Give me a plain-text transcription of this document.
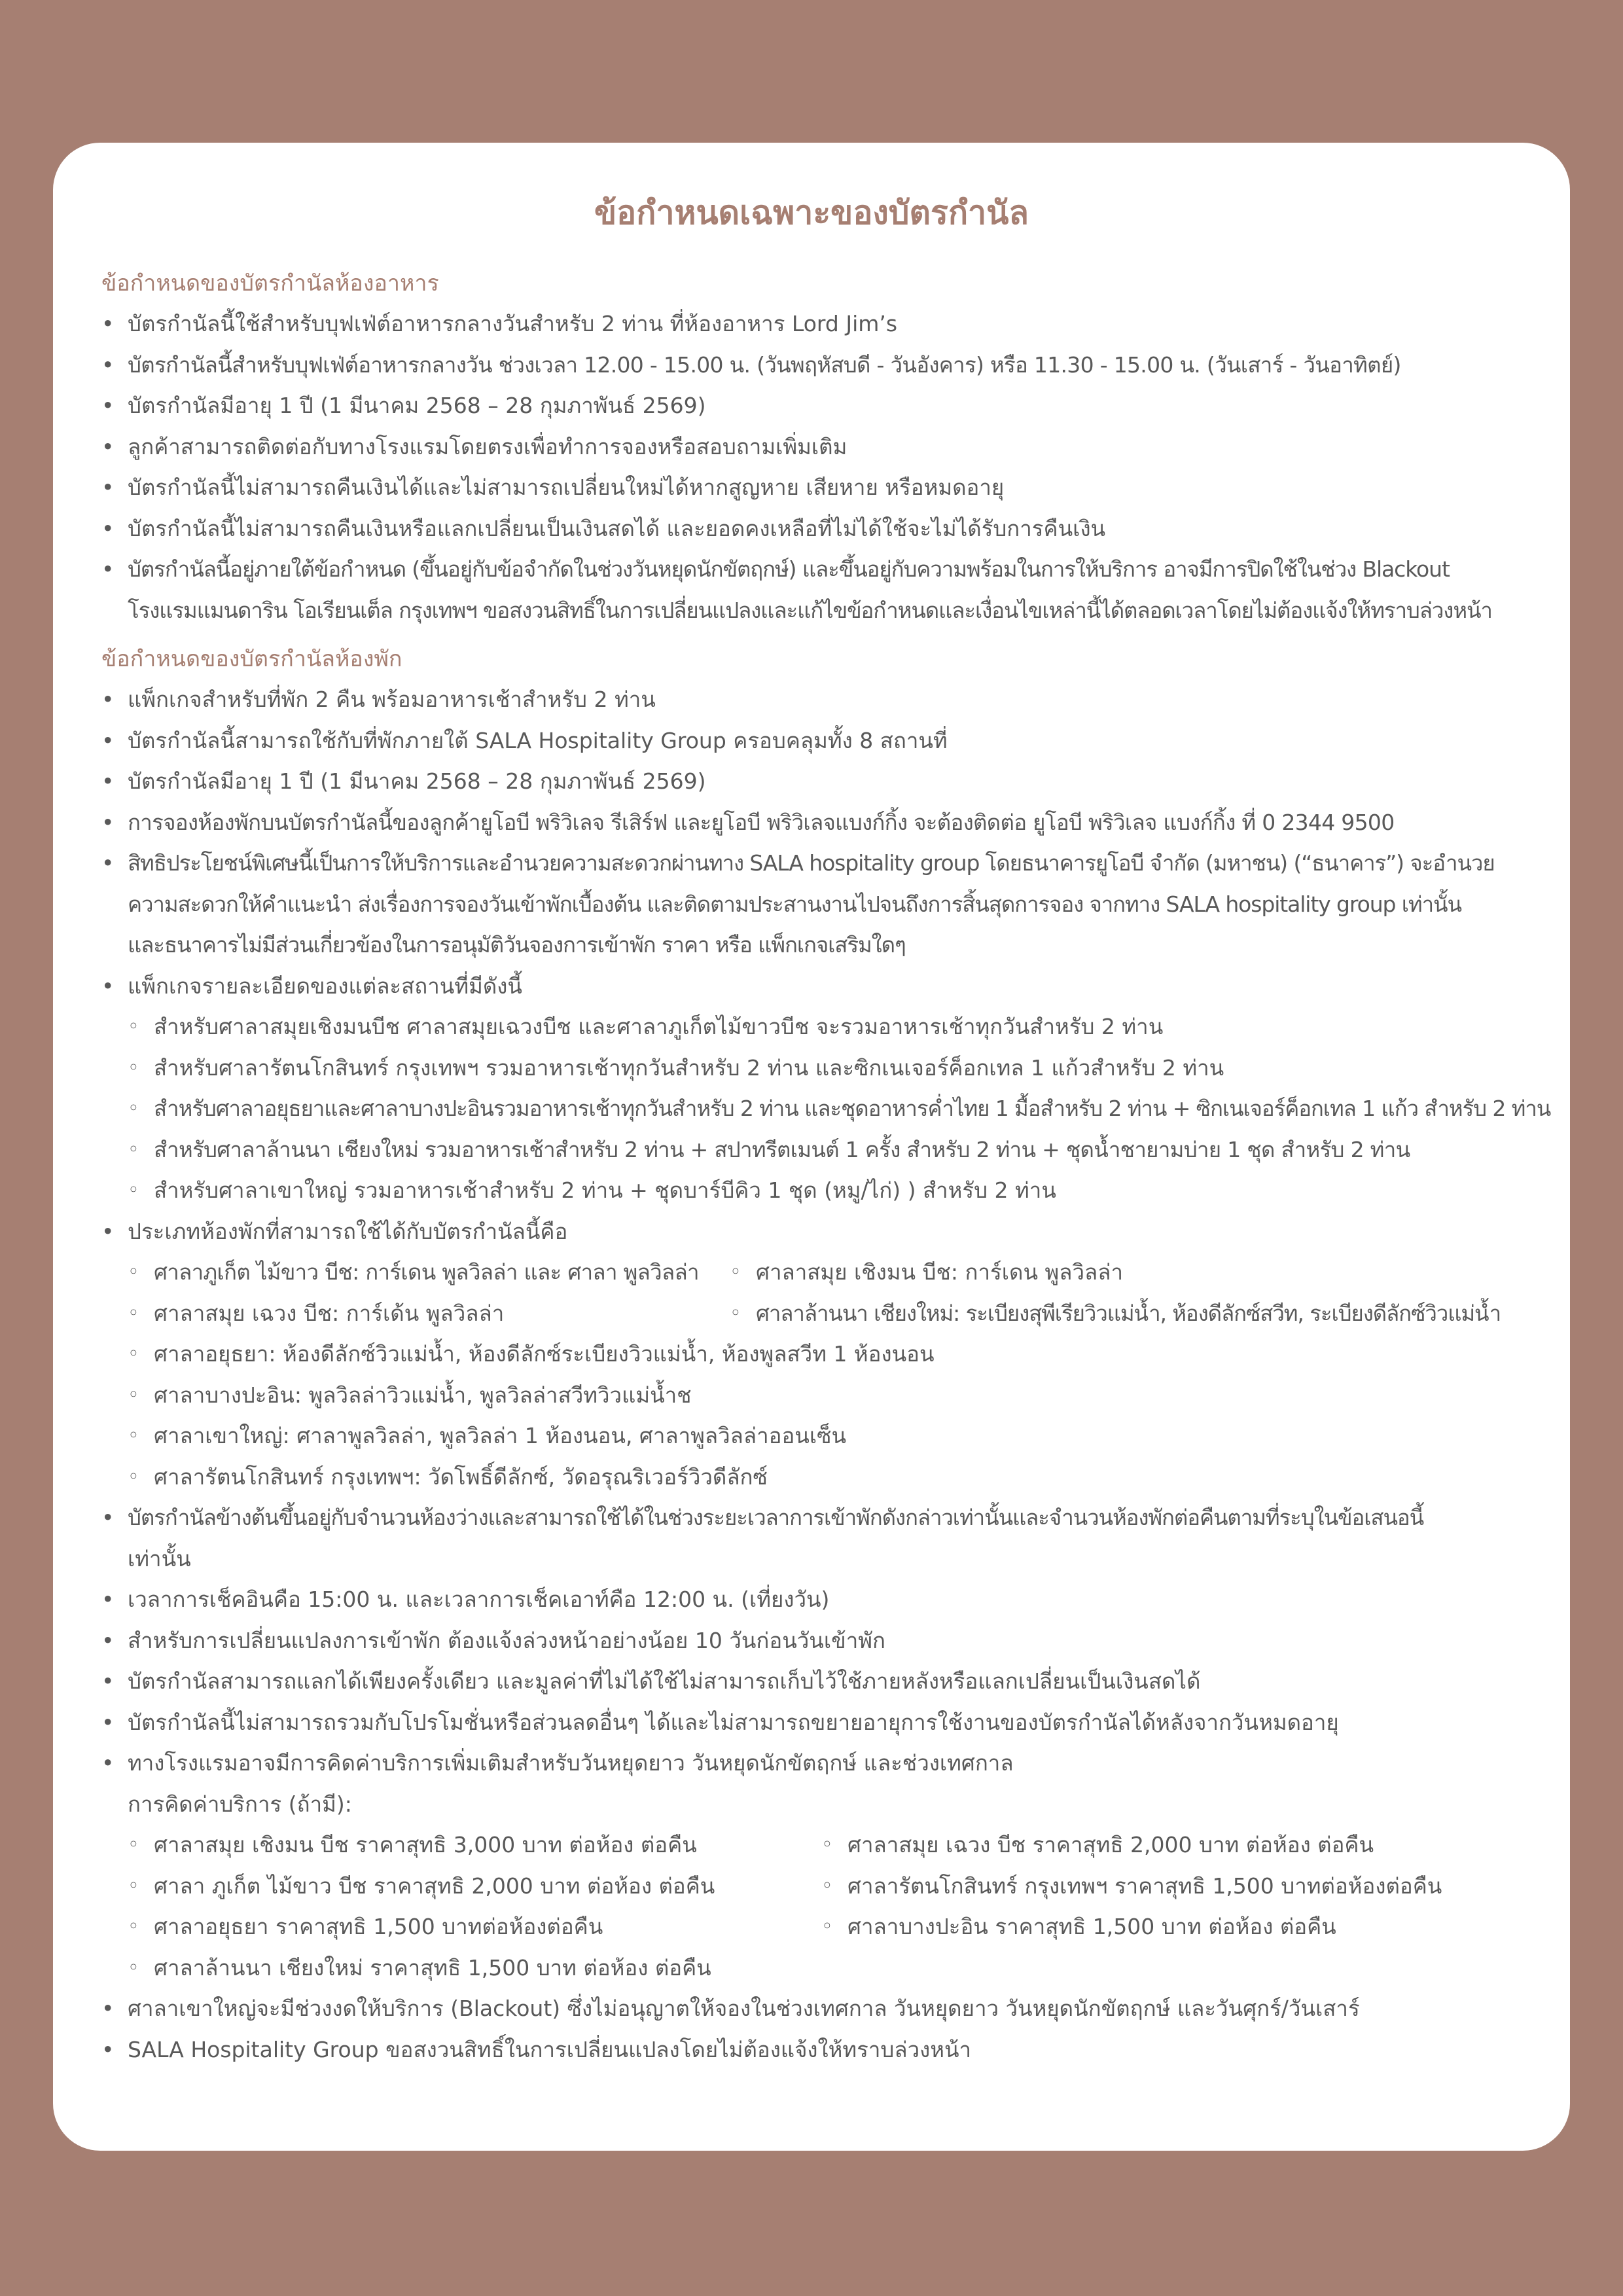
ข้อกำหนดเฉพาะของบัตรกำนัล
ข้อกำหนดของบัตรกำนัลห้องอาหาร
• บัตรกำนัลนี้ใช้สำหรับบุฟเฟ่ต์อาหารกลางวันสำหรับ 2 ท่าน ที่ห้องอาหาร Lord Jim’s
• บัตรกำนัลนี้สำหรับบุฟเฟ่ต์อาหารกลางวัน ช่วงเวลา 12.00 - 15.00 น. (วันพฤหัสบดี - วันอังคาร) หรือ 11.30 - 15.00 น. (วันเสาร์ - วันอาทิตย์)
• บัตรกำนัลมีอายุ 1 ปี (1 มีนาคม 2568 – 28 กุมภาพันธ์ 2569)
• ลูกค้าสามารถติดต่อกับทางโรงแรมโดยตรงเพื่อทำการจองหรือสอบถามเพิ่มเติม
• บัตรกำนัลนี้ไม่สามารถคืนเงินได้และไม่สามารถเปลี่ยนใหม่ได้หากสูญหาย เสียหาย หรือหมดอายุ
• บัตรกำนัลนี้ไม่สามารถคืนเงินหรือแลกเปลี่ยนเป็นเงินสดได้ และยอดคงเหลือที่ไม่ได้ใช้จะไม่ได้รับการคืนเงิน
• บัตรกำนัลนี้อยู่ภายใต้ข้อกำหนด (ขึ้นอยู่กับข้อจำกัดในช่วงวันหยุดนักขัตฤกษ์) และขึ้นอยู่กับความพร้อมในการให้บริการ อาจมีการปิดใช้ในช่วง Blackout
โรงแรมแมนดาริน โอเรียนเต็ล กรุงเทพฯ ขอสงวนสิทธิ์ในการเปลี่ยนแปลงและแก้ไขข้อกำหนดและเงื่อนไขเหล่านี้ได้ตลอดเวลาโดยไม่ต้องแจ้งให้ทราบล่วงหน้า
ข้อกำหนดของบัตรกำนัลห้องพัก
• แพ็กเกจสำหรับที่พัก 2 คืน พร้อมอาหารเช้าสำหรับ 2 ท่าน
• บัตรกำนัลนี้สามารถใช้กับที่พักภายใต้ SALA Hospitality Group ครอบคลุมทั้ง 8 สถานที่
• บัตรกำนัลมีอายุ 1 ปี (1 มีนาคม 2568 – 28 กุมภาพันธ์ 2569)
• การจองห้องพักบนบัตรกำนัลนี้ของลูกค้ายูโอบี พริวิเลจ รีเสิร์ฟ และยูโอบี พริวิเลจแบงก์กิ้ง จะต้องติดต่อ ยูโอบี พริวิเลจ แบงก์กิ้ง ที่ 0 2344 9500
• สิทธิประโยชน์พิเศษนี้เป็นการให้บริการและอำนวยความสะดวกผ่านทาง SALA hospitality group โดยธนาคารยูโอบี จำกัด (มหาชน) (“ธนาคาร”) จะอำนวย
ความสะดวกให้คำแนะนำ ส่งเรื่องการจองวันเข้าพักเบื้องต้น และติดตามประสานงานไปจนถึงการสิ้นสุดการจอง จากทาง SALA hospitality group เท่านั้น
และธนาคารไม่มีส่วนเกี่ยวข้องในการอนุมัติวันจองการเข้าพัก ราคา หรือ แพ็กเกจเสริมใดๆ
• แพ็กเกจรายละเอียดของแต่ละสถานที่มีดังนี้
◦ สำหรับศาลาสมุยเชิงมนบีช ศาลาสมุยเฉวงบีช และศาลาภูเก็ตไม้ขาวบีช จะรวมอาหารเช้าทุกวันสำหรับ 2 ท่าน
◦ สำหรับศาลารัตนโกสินทร์ กรุงเทพฯ รวมอาหารเช้าทุกวันสำหรับ 2 ท่าน และซิกเนเจอร์ค็อกเทล 1 แก้วสำหรับ 2 ท่าน
◦ สำหรับศาลาอยุธยาและศาลาบางปะอินรวมอาหารเช้าทุกวันสำหรับ 2 ท่าน และชุดอาหารค่ำไทย 1 มื้อสำหรับ 2 ท่าน + ซิกเนเจอร์ค็อกเทล 1 แก้ว สำหรับ 2 ท่าน
◦ สำหรับศาลาล้านนา เชียงใหม่ รวมอาหารเช้าสำหรับ 2 ท่าน + สปาทรีตเมนต์ 1 ครั้ง สำหรับ 2 ท่าน + ชุดน้ำชายามบ่าย 1 ชุด สำหรับ 2 ท่าน
◦ สำหรับศาลาเขาใหญ่ รวมอาหารเช้าสำหรับ 2 ท่าน + ชุดบาร์บีคิว 1 ชุด (หมู/ไก่) ) สำหรับ 2 ท่าน
• ประเภทห้องพักที่สามารถใช้ได้กับบัตรกำนัลนี้คือ
◦ ศาลาภูเก็ต ไม้ขาว บีช: การ์เดน พูลวิลล่า และ ศาลา พูลวิลล่า	◦ ศาลาสมุย เชิงมน บีช: การ์เดน พูลวิลล่า
◦ ศาลาสมุย เฉวง บีช: การ์เด้น พูลวิลล่า	◦ ศาลาล้านนา เชียงใหม่: ระเบียงสุพีเรียวิวแม่น้ำ, ห้องดีลักซ์สวีท, ระเบียงดีลักซ์วิวแม่น้ำ
◦ ศาลาอยุธยา: ห้องดีลักซ์วิวแม่น้ำ, ห้องดีลักซ์ระเบียงวิวแม่น้ำ, ห้องพูลสวีท 1 ห้องนอน
◦ ศาลาบางปะอิน: พูลวิลล่าวิวแม่น้ำ, พูลวิลล่าสวีทวิวแม่น้ำช
◦ ศาลาเขาใหญ่: ศาลาพูลวิลล่า, พูลวิลล่า 1 ห้องนอน, ศาลาพูลวิลล่าออนเซ็น
◦ ศาลารัตนโกสินทร์ กรุงเทพฯ: วัดโพธิ์ดีลักซ์, วัดอรุณริเวอร์วิวดีลักซ์
• บัตรกำนัลข้างต้นขึ้นอยู่กับจำนวนห้องว่างและสามารถใช้ได้ในช่วงระยะเวลาการเข้าพักดังกล่าวเท่านั้นและจำนวนห้องพักต่อคืนตามที่ระบุในข้อเสนอนี้
เท่านั้น
• เวลาการเช็คอินคือ 15:00 น. และเวลาการเช็คเอาท์คือ 12:00 น. (เที่ยงวัน)
• สำหรับการเปลี่ยนแปลงการเข้าพัก ต้องแจ้งล่วงหน้าอย่างน้อย 10 วันก่อนวันเข้าพัก
• บัตรกำนัลสามารถแลกได้เพียงครั้งเดียว และมูลค่าที่ไม่ได้ใช้ไม่สามารถเก็บไว้ใช้ภายหลังหรือแลกเปลี่ยนเป็นเงินสดได้
• บัตรกำนัลนี้ไม่สามารถรวมกับโปรโมชั่นหรือส่วนลดอื่นๆ ได้และไม่สามารถขยายอายุการใช้งานของบัตรกำนัลได้หลังจากวันหมดอายุ
• ทางโรงแรมอาจมีการคิดค่าบริการเพิ่มเติมสำหรับวันหยุดยาว วันหยุดนักขัตฤกษ์ และช่วงเทศกาล
การคิดค่าบริการ (ถ้ามี):
◦ ศาลาสมุย เชิงมน บีช ราคาสุทธิ 3,000 บาท ต่อห้อง ต่อคืน	◦ ศาลาสมุย เฉวง บีช ราคาสุทธิ 2,000 บาท ต่อห้อง ต่อคืน
◦ ศาลา ภูเก็ต ไม้ขาว บีช ราคาสุทธิ 2,000 บาท ต่อห้อง ต่อคืน	◦ ศาลารัตนโกสินทร์ กรุงเทพฯ ราคาสุทธิ 1,500 บาทต่อห้องต่อคืน
◦ ศาลาอยุธยา ราคาสุทธิ 1,500 บาทต่อห้องต่อคืน	◦ ศาลาบางปะอิน ราคาสุทธิ 1,500 บาท ต่อห้อง ต่อคืน
◦ ศาลาล้านนา เชียงใหม่ ราคาสุทธิ 1,500 บาท ต่อห้อง ต่อคืน
• ศาลาเขาใหญ่จะมีช่วงงดให้บริการ (Blackout) ซึ่งไม่อนุญาตให้จองในช่วงเทศกาล วันหยุดยาว วันหยุดนักขัตฤกษ์ และวันศุกร์/วันเสาร์
• SALA Hospitality Group ขอสงวนสิทธิ์ในการเปลี่ยนแปลงโดยไม่ต้องแจ้งให้ทราบล่วงหน้า
